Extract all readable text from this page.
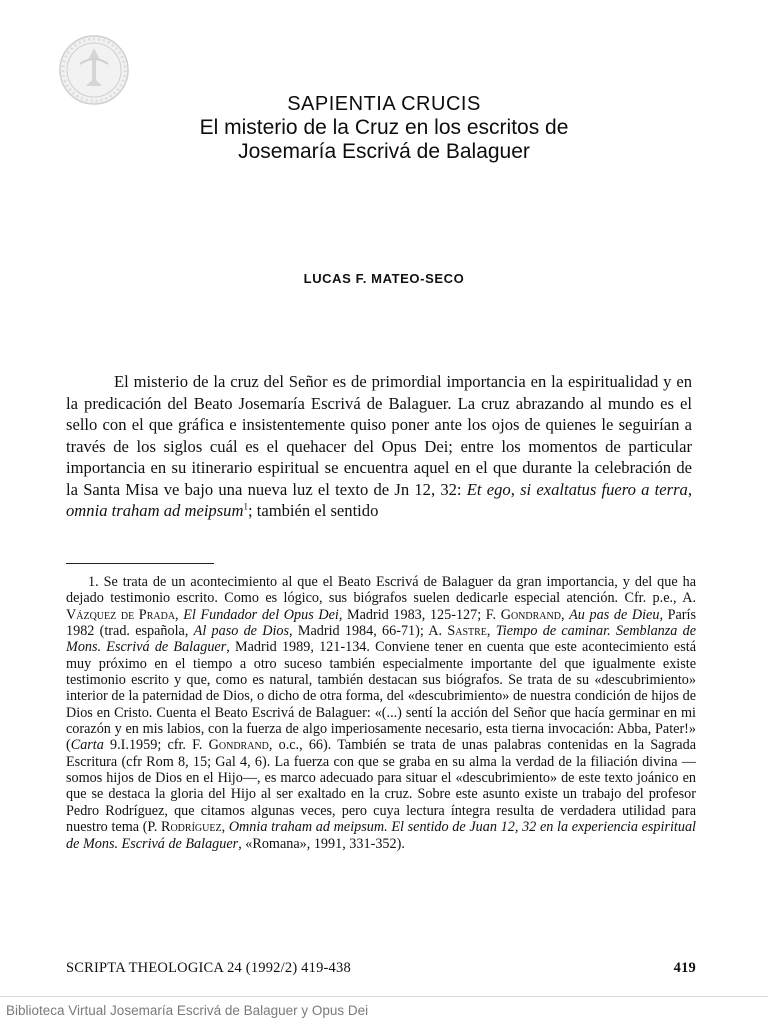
SAPIENTIA CRUCIS
El misterio de la Cruz en los escritos de
Josemaría Escrivá de Balaguer
LUCAS F. MATEO-SECO

El misterio de la cruz del Señor es de primordial importancia en la espiritualidad y en la predicación del Beato Josemaría Escrivá de Balaguer. La cruz abrazando al mundo es el sello con el que gráfica e insistentemente quiso poner ante los ojos de quienes le seguirían a través de los siglos cuál es el quehacer del Opus Dei; entre los momentos de particular importancia en su itinerario espiritual se encuentra aquel en el que durante la celebración de la Santa Misa ve bajo una nueva luz el texto de Jn 12, 32: Et ego, si exaltatus fuero a terra, omnia traham ad meipsum$^1$; también el sentido

1. Se trata de un acontecimiento al que el Beato Escrivá de Balaguer da gran importancia, y del que ha dejado testimonio escrito. Como es lógico, sus biógrafos suelen dedicarle especial atención. Cfr. p.e., A. Vázquez de Prada, El Fundador del Opus Dei, Madrid 1983, 125-127; F. Gondrand, Au pas de Dieu, París 1982 (trad. española, Al paso de Dios, Madrid 1984, 66-71); A. Sastre, Tiempo de caminar. Semblanza de Mons. Escrivá de Balaguer, Madrid 1989, 121-134. Conviene tener en cuenta que este acontecimiento está muy próximo en el tiempo a otro suceso también especialmente importante del que igualmente existe testimonio escrito y que, como es natural, también destacan sus biógrafos. Se trata de su «descubrimiento» interior de la paternidad de Dios, o dicho de otra forma, del «descubrimiento» de nuestra condición de hijos de Dios en Cristo. Cuenta el Beato Escrivá de Balaguer: «(...) sentí la acción del Señor que hacía germinar en mi corazón y en mis labios, con la fuerza de algo imperiosamente necesario, esta tierna invocación: Abba, Pater!» (Carta 9.I.1959; cfr. F. Gondrand, o.c., 66). También se trata de unas palabras contenidas en la Sagrada Escritura (cfr Rom 8, 15; Gal 4, 6). La fuerza con que se graba en su alma la verdad de la filiación divina —somos hijos de Dios en el Hijo—, es marco adecuado para situar el «descubrimiento» de este texto joánico en que se destaca la gloria del Hijo al ser exaltado en la cruz. Sobre este asunto existe un trabajo del profesor Pedro Rodríguez, que citamos algunas veces, pero cuya lectura íntegra resulta de verdadera utilidad para nuestro tema (P. Rodríguez, Omnia traham ad meipsum. El sentido de Juan 12, 32 en la experiencia espiritual de Mons. Escrivá de Balaguer, «Romana», 1991, 331-352).

SCRIPTA THEOLOGICA 24 (1992/2) 419-438	419
Biblioteca Virtual Josemaría Escrivá de Balaguer y Opus Dei
